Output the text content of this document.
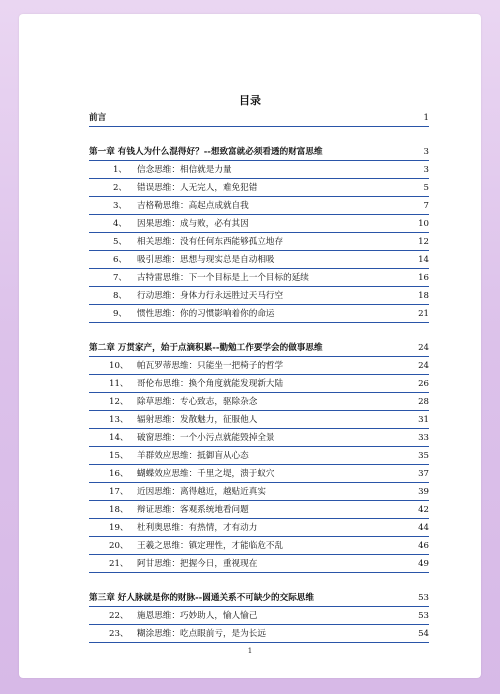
目录
前言	1
第一章 有钱人为什么混得好？--想致富就必须看透的财富思维	3
1、 信念思维：相信就是力量	3
2、 错误思维：人无完人，难免犯错	5
3、 吉格勒思维：高起点成就自我	7
4、 因果思维：成与败，必有其因	10
5、 相关思维：没有任何东西能够孤立地存	12
6、 吸引思维：思想与现实总是自动相吸	14
7、 古特雷思维：下一个目标是上一个目标的延续	16
8、 行动思维：身体力行永远胜过天马行空	18
9、 惯性思维：你的习惯影响着你的命运	21
第二章 万贯家产，始于点滴积累--勤勉工作要学会的做事思维	24
10、 帕瓦罗蒂思维：只能坐一把椅子的哲学	24
11、 哥伦布思维：换个角度就能发现新大陆	26
12、 除草思维：专心致志，驱除杂念	28
13、 辐射思维：发散魅力，征服他人	31
14、 破窗思维：一个小污点就能毁掉全景	33
15、 羊群效应思维：抵御盲从心态	35
16、 蝴蝶效应思维：千里之堤，溃于蚁穴	37
17、 近因思维：离得越近，越贴近真实	39
18、 辩证思维：客观系统地看问题	42
19、 杜利奥思维：有热情，才有动力	44
20、 王羲之思维：镇定理性，才能临危不乱	46
21、 阿甘思维：把握今日，重视现在	49
第三章 好人脉就是你的财脉--圆通关系不可缺少的交际思维	53
22、 施恩思维：巧妙助人，愉人愉己	53
23、 糊涂思维：吃点眼前亏，是为长远	54
1
